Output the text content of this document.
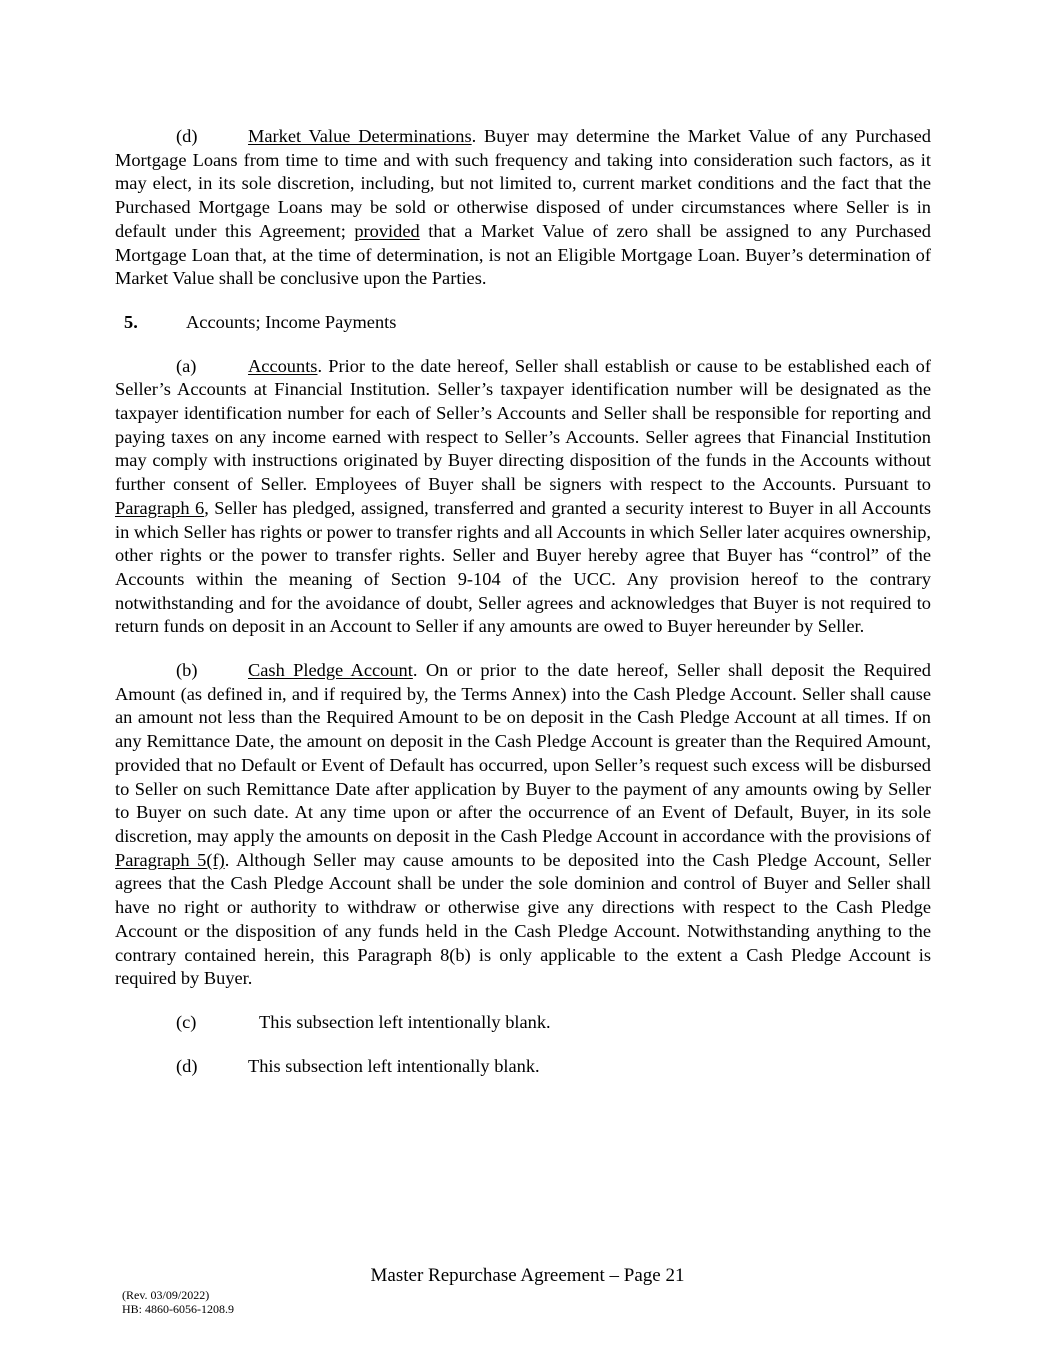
(d)	Market Value Determinations. Buyer may determine the Market Value of any Purchased Mortgage Loans from time to time and with such frequency and taking into consideration such factors, as it may elect, in its sole discretion, including, but not limited to, current market conditions and the fact that the Purchased Mortgage Loans may be sold or otherwise disposed of under circumstances where Seller is in default under this Agreement; provided that a Market Value of zero shall be assigned to any Purchased Mortgage Loan that, at the time of determination, is not an Eligible Mortgage Loan. Buyer’s determination of Market Value shall be conclusive upon the Parties.

5.	Accounts; Income Payments

(a)	Accounts. Prior to the date hereof, Seller shall establish or cause to be established each of Seller’s Accounts at Financial Institution. Seller’s taxpayer identification number will be designated as the taxpayer identification number for each of Seller’s Accounts and Seller shall be responsible for reporting and paying taxes on any income earned with respect to Seller’s Accounts. Seller agrees that Financial Institution may comply with instructions originated by Buyer directing disposition of the funds in the Accounts without further consent of Seller. Employees of Buyer shall be signers with respect to the Accounts. Pursuant to Paragraph 6, Seller has pledged, assigned, transferred and granted a security interest to Buyer in all Accounts in which Seller has rights or power to transfer rights and all Accounts in which Seller later acquires ownership, other rights or the power to transfer rights. Seller and Buyer hereby agree that Buyer has “control” of the Accounts within the meaning of Section 9-104 of the UCC. Any provision hereof to the contrary notwithstanding and for the avoidance of doubt, Seller agrees and acknowledges that Buyer is not required to return funds on deposit in an Account to Seller if any amounts are owed to Buyer hereunder by Seller.

(b)	Cash Pledge Account. On or prior to the date hereof, Seller shall deposit the Required Amount (as defined in, and if required by, the Terms Annex) into the Cash Pledge Account. Seller shall cause an amount not less than the Required Amount to be on deposit in the Cash Pledge Account at all times. If on any Remittance Date, the amount on deposit in the Cash Pledge Account is greater than the Required Amount, provided that no Default or Event of Default has occurred, upon Seller’s request such excess will be disbursed to Seller on such Remittance Date after application by Buyer to the payment of any amounts owing by Seller to Buyer on such date. At any time upon or after the occurrence of an Event of Default, Buyer, in its sole discretion, may apply the amounts on deposit in the Cash Pledge Account in accordance with the provisions of Paragraph 5(f). Although Seller may cause amounts to be deposited into the Cash Pledge Account, Seller agrees that the Cash Pledge Account shall be under the sole dominion and control of Buyer and Seller shall have no right or authority to withdraw or otherwise give any directions with respect to the Cash Pledge Account or the disposition of any funds held in the Cash Pledge Account. Notwithstanding anything to the contrary contained herein, this Paragraph 8(b) is only applicable to the extent a Cash Pledge Account is required by Buyer.

(c)	This subsection left intentionally blank.
(d)	This subsection left intentionally blank.
Master Repurchase Agreement – Page 21
(Rev. 03/09/2022)
HB: 4860-6056-1208.9
